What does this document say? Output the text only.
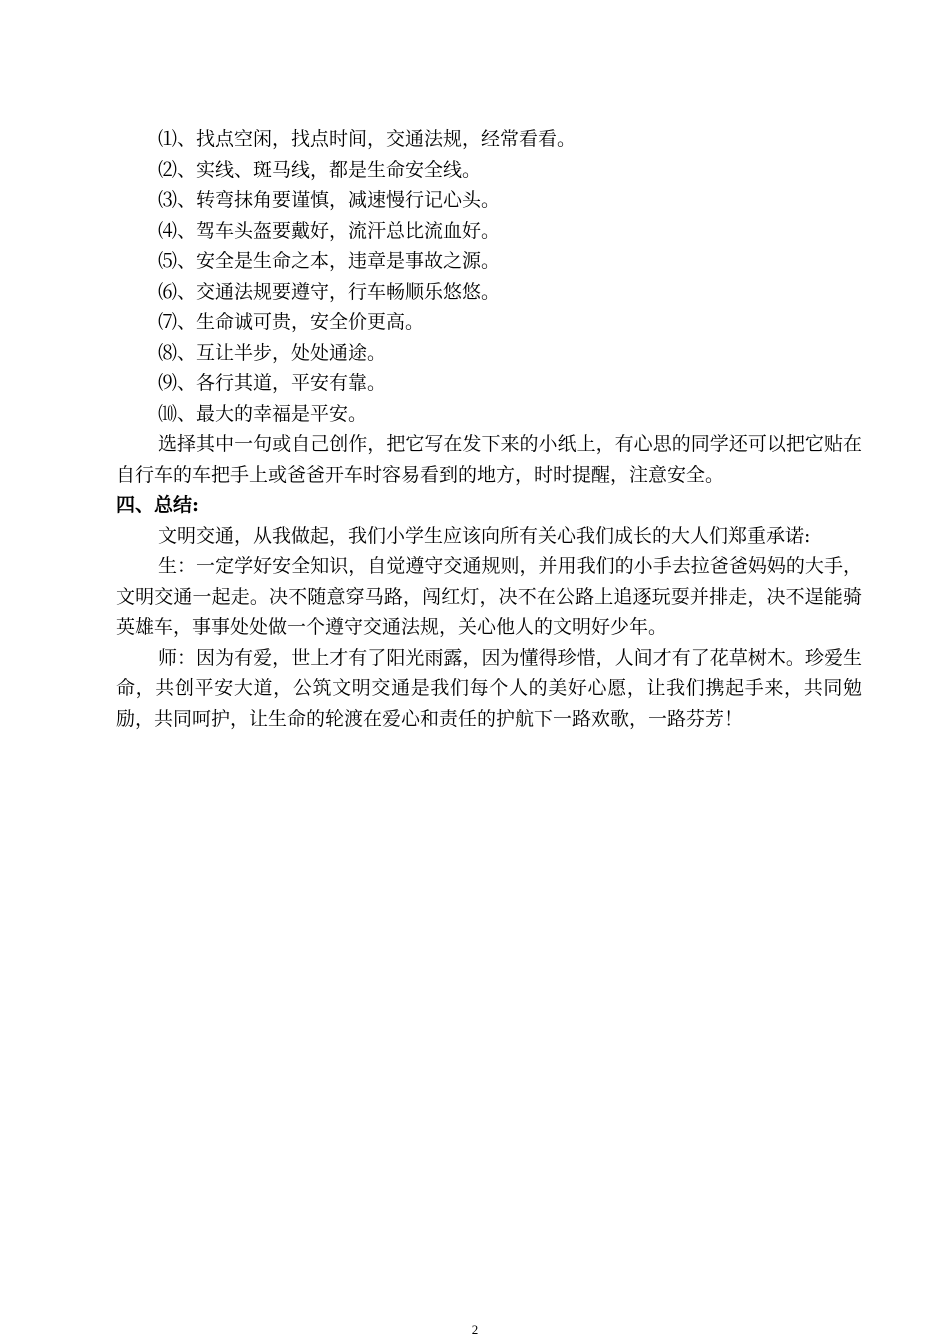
⑴、找点空闲，找点时间，交通法规，经常看看。

⑵、实线、斑马线，都是生命安全线。

⑶、转弯抹角要谨慎，减速慢行记心头。

⑷、驾车头盔要戴好，流汗总比流血好。

⑸、安全是生命之本，违章是事故之源。

⑹、交通法规要遵守，行车畅顺乐悠悠。

⑺、生命诚可贵，安全价更高。

⑻、互让半步，处处通途。

⑼、各行其道，平安有靠。

⑽、最大的幸福是平安。

选择其中一句或自己创作，把它写在发下来的小纸上，有心思的同学还可以把它贴在自行车的车把手上或爸爸开车时容易看到的地方，时时提醒，注意安全。

四、总结:

文明交通，从我做起，我们小学生应该向所有关心我们成长的大人们郑重承诺:

生：一定学好安全知识，自觉遵守交通规则，并用我们的小手去拉爸爸妈妈的大手，文明交通一起走。决不随意穿马路，闯红灯，决不在公路上追逐玩耍并排走，决不逞能骑英雄车，事事处处做一个遵守交通法规，关心他人的文明好少年。

师：因为有爱，世上才有了阳光雨露，因为懂得珍惜，人间才有了花草树木。珍爱生命，共创平安大道，公筑文明交通是我们每个人的美好心愿，让我们携起手来，共同勉励，共同呵护，让生命的轮渡在爱心和责任的护航下一路欢歌，一路芬芳！

2
